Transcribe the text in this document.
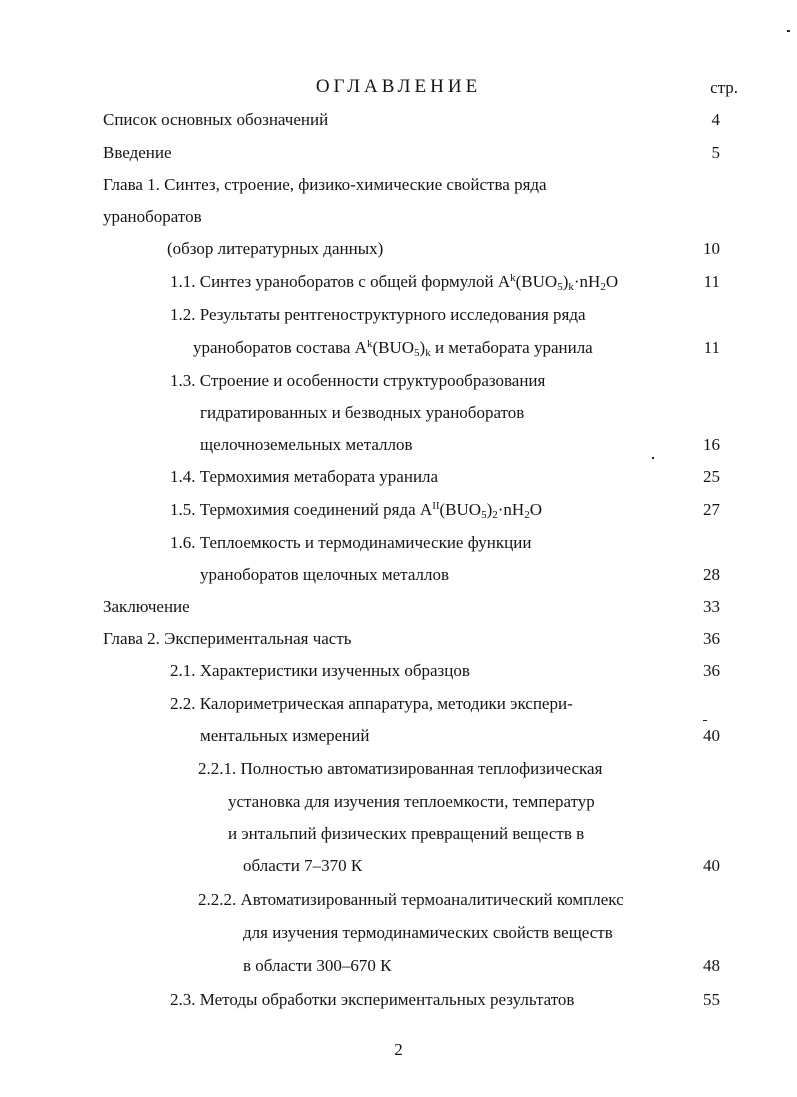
ОГЛАВЛЕНИЕ	стр.
Список основных обозначений	4
Введение	5
Глава 1. Синтез, строение, физико-химические свойства ряда
ураноборатов
(обзор литературных данных)	10
1.1. Синтез ураноборатов с общей формулой $A^k(BUO_5)_k\cdot nH_2O$	11
1.2. Результаты рентгеноструктурного исследования ряда
ураноборатов состава $A^k(BUO_5)_k$ и метабората уранила	11
1.3. Строение и особенности структурообразования
гидратированных и безводных ураноборатов
щелочноземельных металлов	16
1.4. Термохимия метабората уранила	25
1.5. Термохимия соединений ряда $A^{II}(BUO_5)_2\cdot nH_2O$	27
1.6. Теплоемкость и термодинамические функции
ураноборатов щелочных металлов	28
Заключение	33
Глава 2. Экспериментальная часть	36
2.1. Характеристики изученных образцов	36
2.2. Калориметрическая аппаратура, методики экспери-
ментальных измерений	40
2.2.1. Полностью автоматизированная теплофизическая
установка для изучения теплоемкости, температур
и энтальпий физических превращений веществ в
области 7–370 К	40
2.2.2. Автоматизированный термоаналитический комплекс
для изучения термодинамических свойств веществ
в области 300–670 К	48
2.3. Методы обработки экспериментальных результатов	55
2
